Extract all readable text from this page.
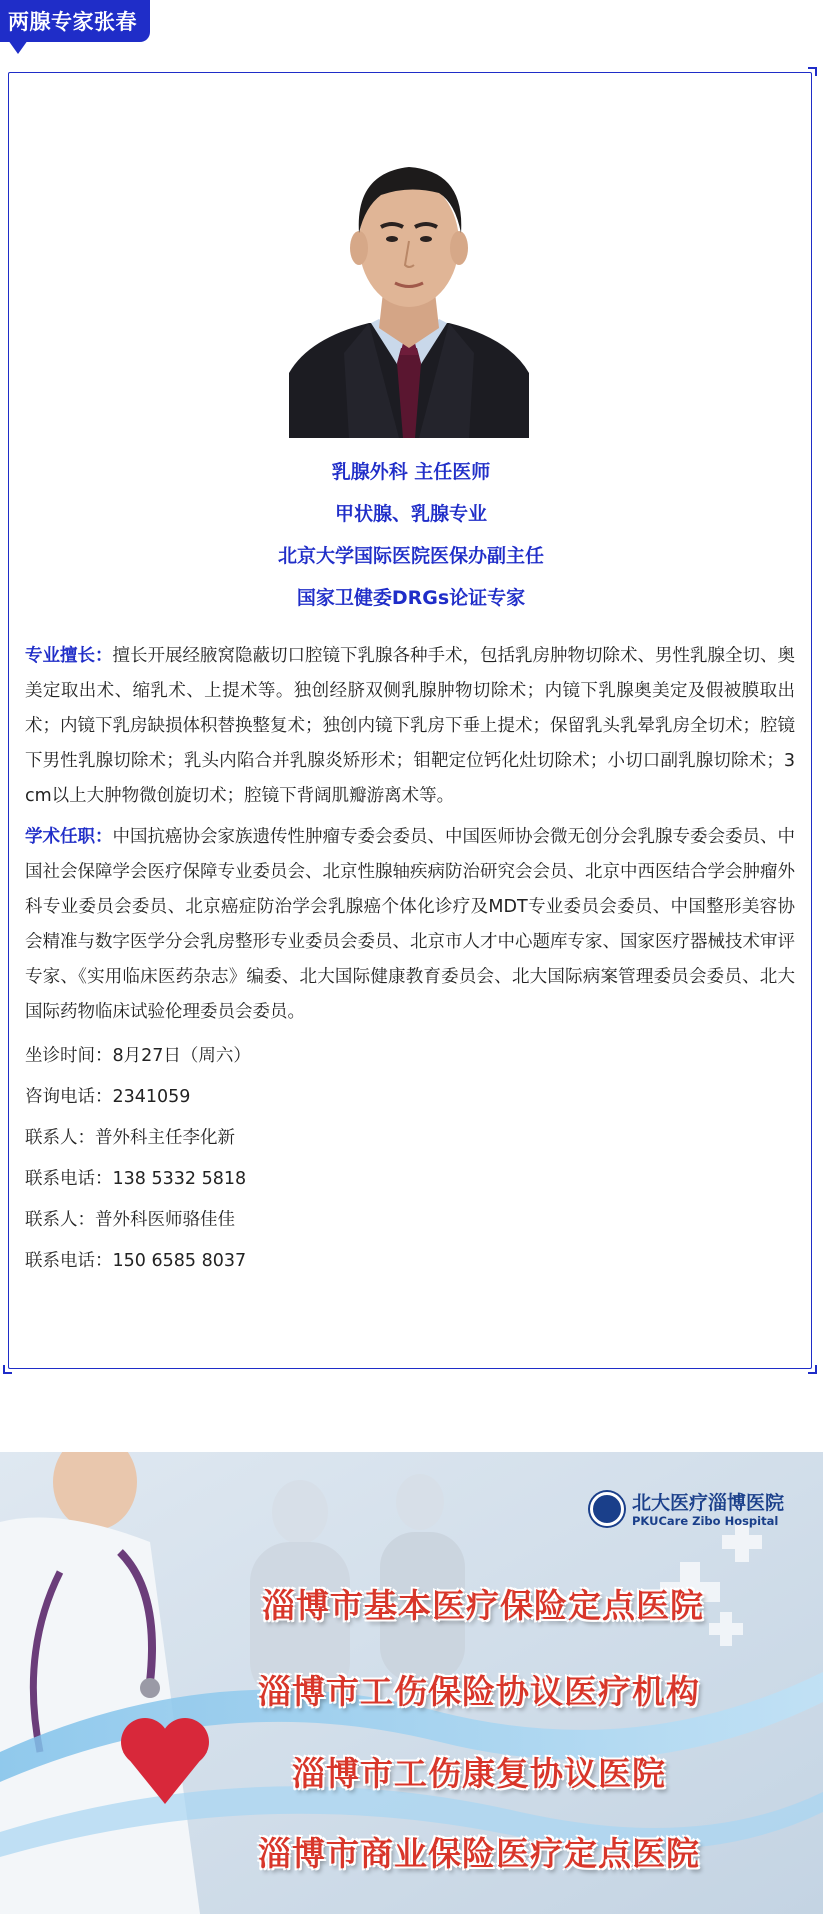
两腺专家张春
乳腺外科 主任医师
甲状腺、乳腺专业
北京大学国际医院医保办副主任
国家卫健委DRGs论证专家

专业擅长：擅长开展经腋窝隐蔽切口腔镜下乳腺各种手术，包括乳房肿物切除术、男性乳腺全切、奥美定取出术、缩乳术、上提术等。独创经脐双侧乳腺肿物切除术；内镜下乳腺奥美定及假被膜取出术；内镜下乳房缺损体积替换整复术；独创内镜下乳房下垂上提术；保留乳头乳晕乳房全切术；腔镜下男性乳腺切除术；乳头内陷合并乳腺炎矫形术；钼靶定位钙化灶切除术；小切口副乳腺切除术；3cm以上大肿物微创旋切术；腔镜下背阔肌瓣游离术等。

学术任职：中国抗癌协会家族遗传性肿瘤专委会委员、中国医师协会微无创分会乳腺专委会委员、中国社会保障学会医疗保障专业委员会、北京性腺轴疾病防治研究会会员、北京中西医结合学会肿瘤外科专业委员会委员、北京癌症防治学会乳腺癌个体化诊疗及MDT专业委员会委员、中国整形美容协会精准与数字医学分会乳房整形专业委员会委员、北京市人才中心题库专家、国家医疗器械技术审评专家、《实用临床医药杂志》编委、北大国际健康教育委员会、北大国际病案管理委员会委员、北大国际药物临床试验伦理委员会委员。

坐诊时间：8月27日（周六）

咨询电话：2341059

联系人：普外科主任李化新

联系电话：138 5332 5818

联系人：普外科医师骆佳佳

联系电话：150 6585 8037

北大医疗淄博医院
PKUCare Zibo Hospital
淄博市基本医疗保险定点医院
淄博市工伤保险协议医疗机构
淄博市工伤康复协议医院
淄博市商业保险医疗定点医院
